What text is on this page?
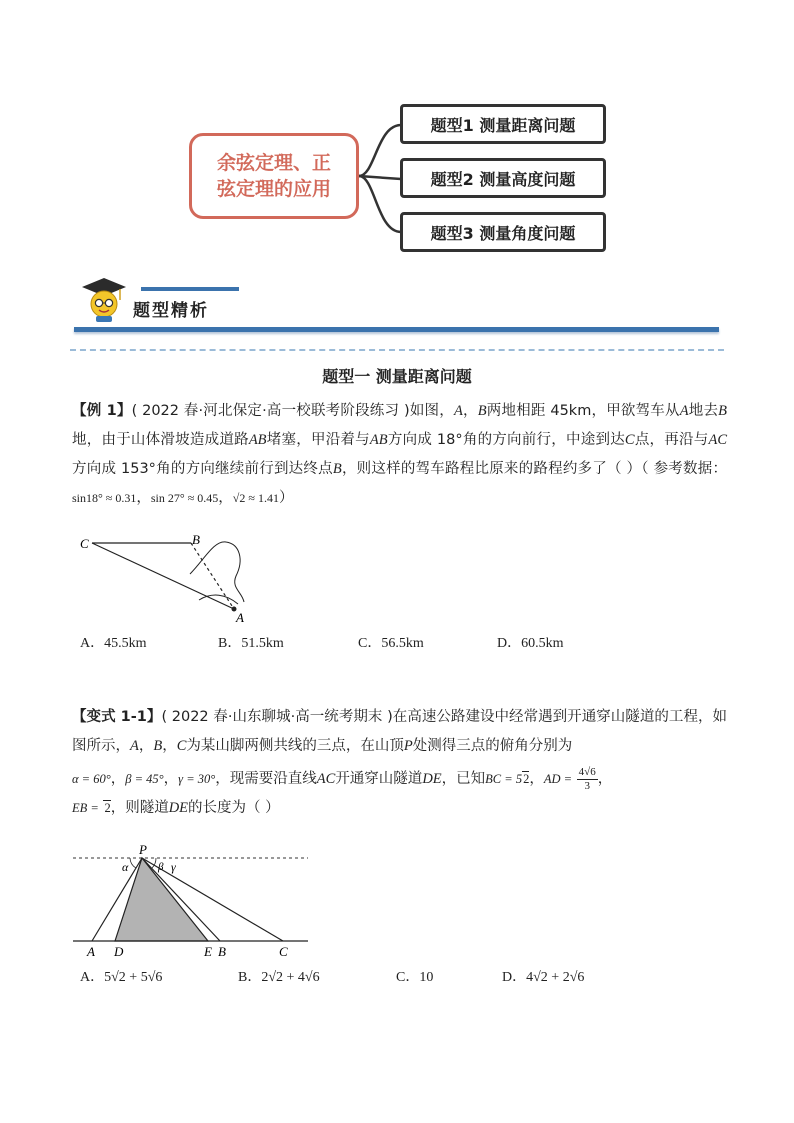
余弦定理、正
弦定理的应用
题型1 测量距离问题
题型2 测量高度问题
题型3 测量角度问题
题型精析
题型一 测量距离问题

【例 1】( 2022 春·河北保定·高一校联考阶段练习 )如图，A，B两地相距 45km，甲欲驾车从A地去B地，由于山体滑坡造成道路AB堵塞，甲沿着与AB方向成 18°角的方向前行，中途到达C点，再沿与AC方向成 153°角的方向继续前行到达终点B，则这样的驾车路程比原来的路程约多了（ ）（ 参考数据：sin18° ≈ 0.31，sin 27° ≈ 0.45，√2 ≈ 1.41）

C	B
A
A．45.5km	B．51.5km	C．56.5km	D．60.5km

【变式 1-1】( 2022 春·山东聊城·高一统考期末 )在高速公路建设中经常遇到开通穿山隧道的工程，如图所示，A，B，C为某山脚两侧共线的三点，在山顶P处测得三点的俯角分别为

α = 60°，β = 45°，γ = 30°，现需要沿直线AC开通穿山隧道DE，已知BC = 52，AD = $\frac{4√6}{3}$ ，

EB = 2，则隧道DE的长度为（ ）

P
α	β γ
A D	E B	C
A．5√2 + 5√6	B．2√2 + 4√6	C．10	D．4√2 + 2√6
